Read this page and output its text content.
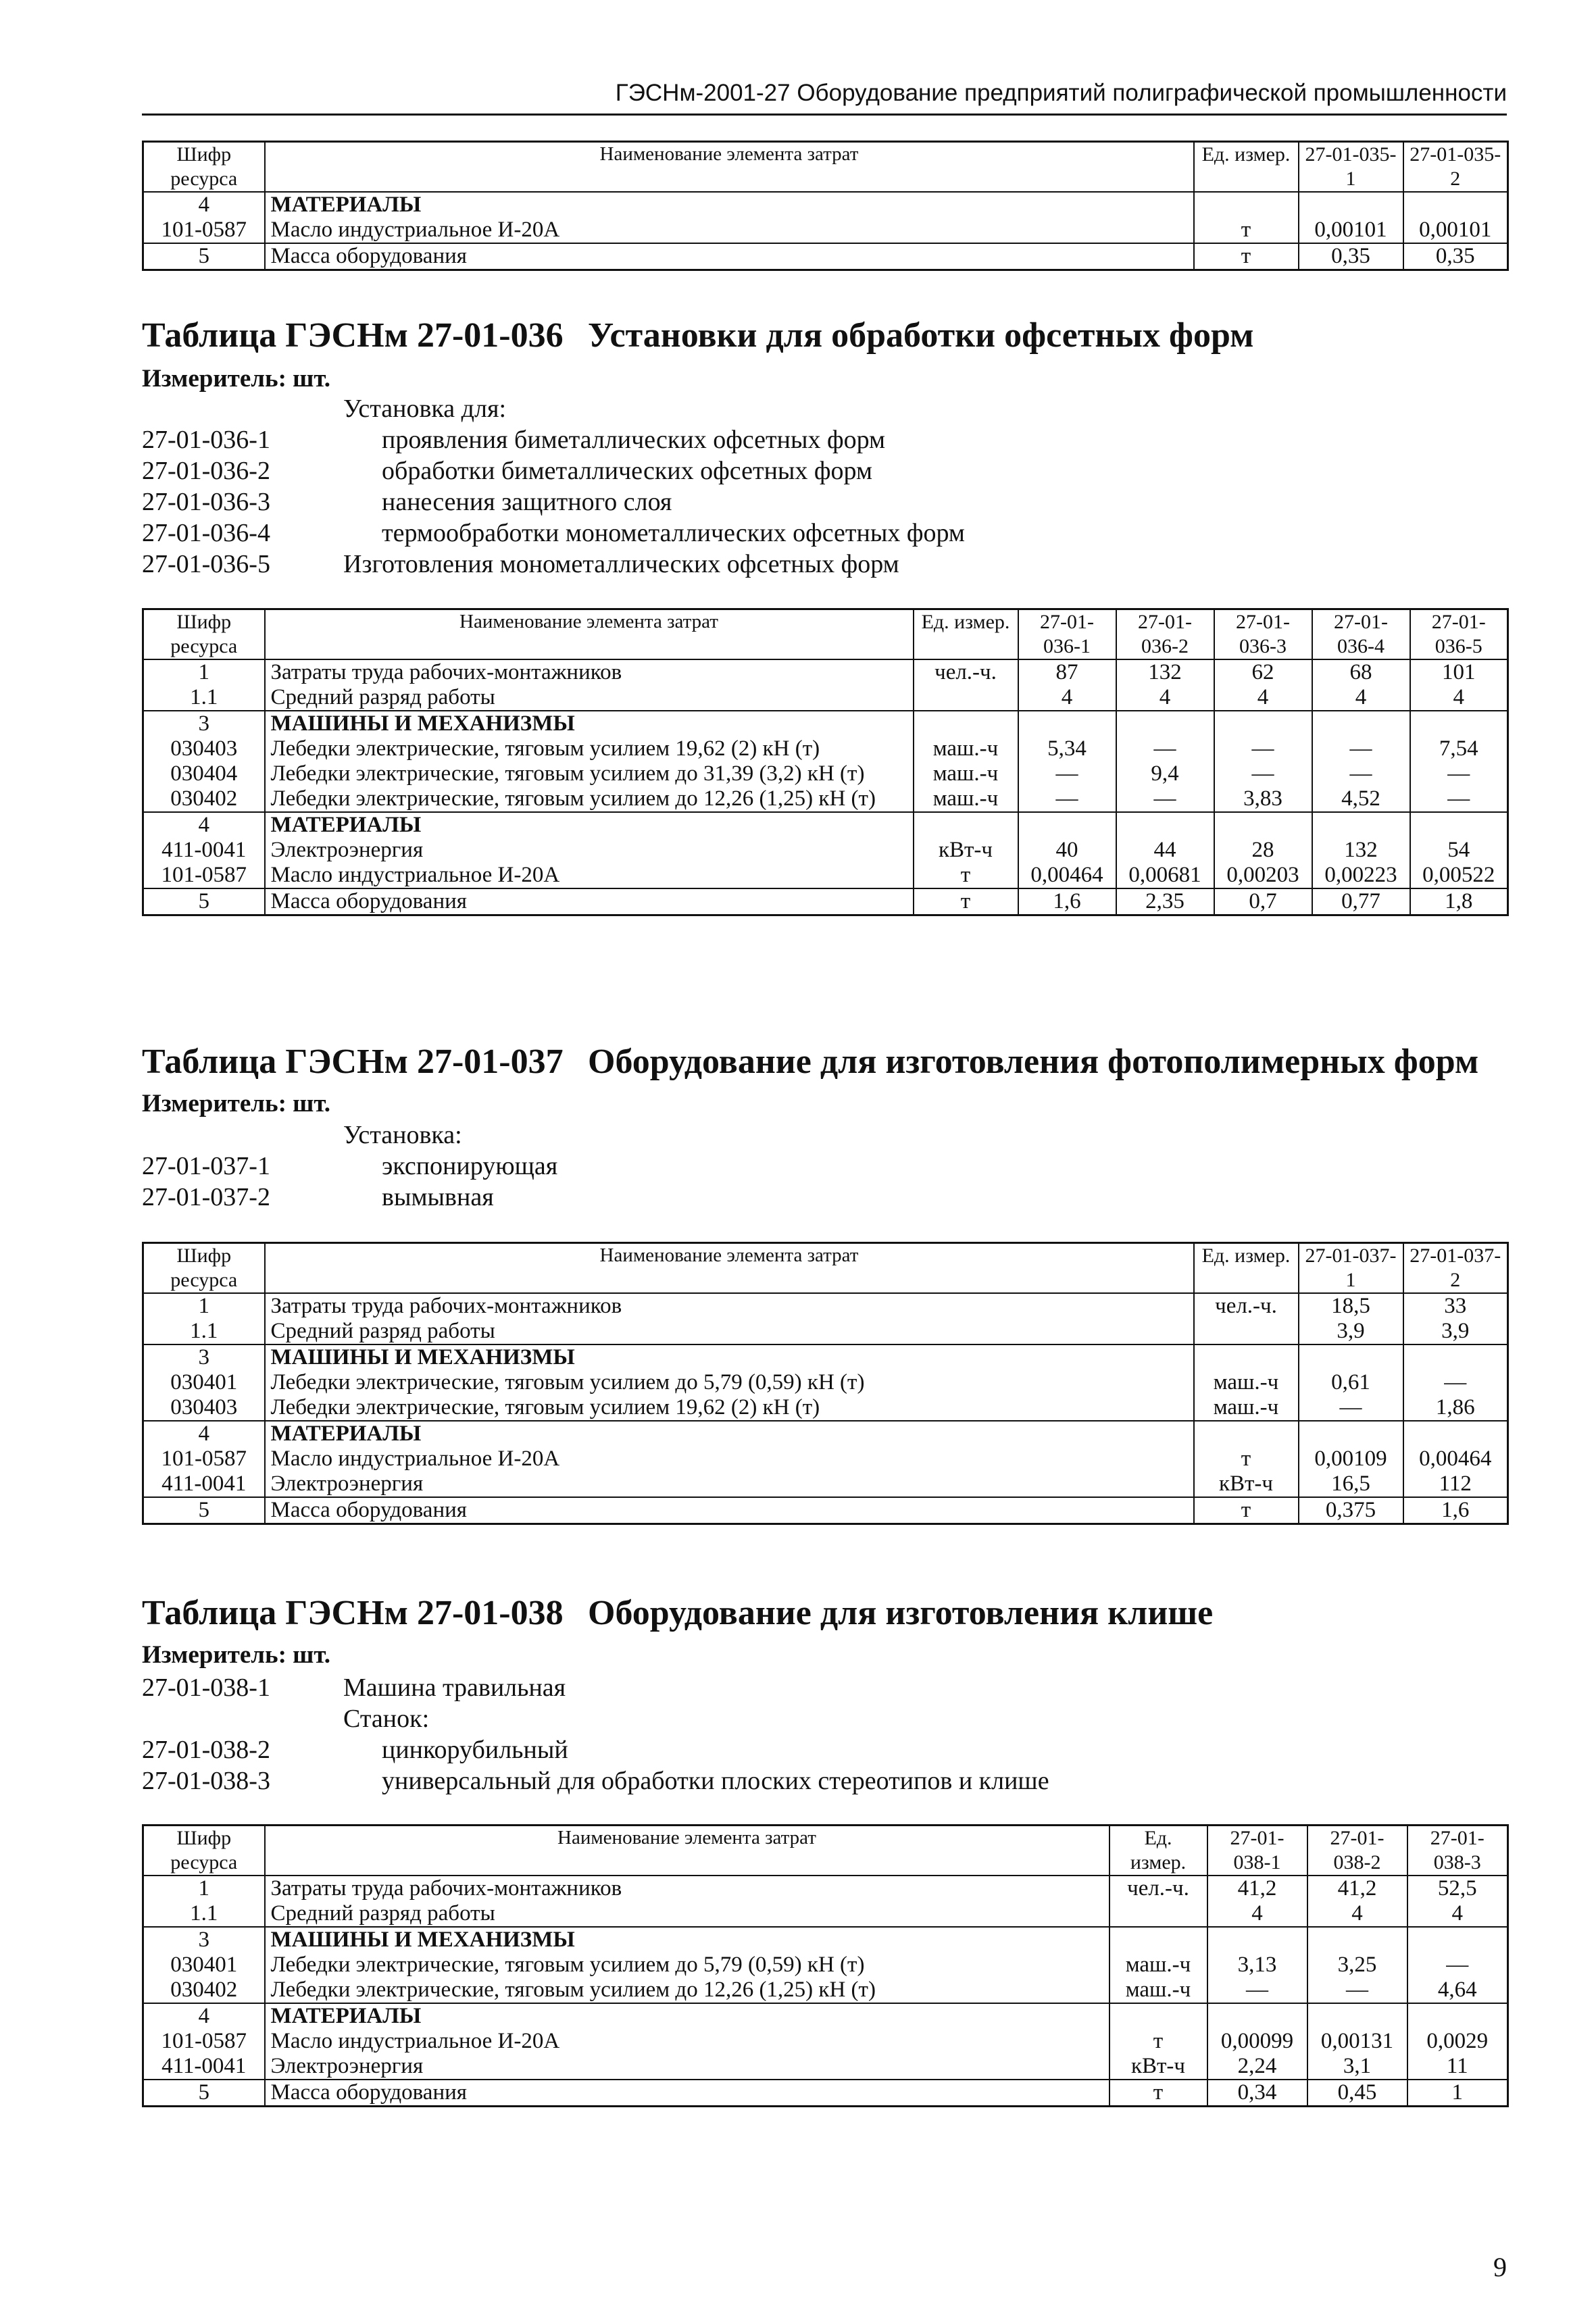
ГЭСНм-2001-27 Оборудование предприятий полиграфической промышленности
Шифр ресурса	Наименование элемента затрат	Ед. измер.	27-01-035-1	27-01-035-2
4	МАТЕРИАЛЫ			
101-0587	Масло индустриальное И-20А	т	0,00101	0,00101
5	Масса оборудования	т	0,35	0,35
Таблица ГЭСНм 27-01-036 Установки для обработки офсетных форм
Измеритель: шт.
Установка для:
27-01-036-1	проявления биметаллических офсетных форм
27-01-036-2	обработки биметаллических офсетных форм
27-01-036-3	нанесения защитного слоя
27-01-036-4	термообработки монометаллических офсетных форм
27-01-036-5	Изготовления монометаллических офсетных форм
Шифр ресурса	Наименование элемента затрат	Ед. измер.	27-01-036-1	27-01-036-2	27-01-036-3	27-01-036-4	27-01-036-5
1	Затраты труда рабочих-монтажников	чел.-ч.	87	132	62	68	101
1.1	Средний разряд работы		4	4	4	4	4
3	МАШИНЫ И МЕХАНИЗМЫ						
030403	Лебедки электрические, тяговым усилием 19,62 (2) кН (т)	маш.-ч	5,34	—	—	—	7,54
030404	Лебедки электрические, тяговым усилием до 31,39 (3,2) кН (т)	маш.-ч	—	9,4	—	—	—
030402	Лебедки электрические, тяговым усилием до 12,26 (1,25) кН (т)	маш.-ч	—	—	3,83	4,52	—
4	МАТЕРИАЛЫ						
411-0041	Электроэнергия	кВт-ч	40	44	28	132	54
101-0587	Масло индустриальное И-20А	т	0,00464	0,00681	0,00203	0,00223	0,00522
5	Масса оборудования	т	1,6	2,35	0,7	0,77	1,8
Таблица ГЭСНм 27-01-037 Оборудование для изготовления фотополимерных форм
Измеритель: шт.
Установка:
27-01-037-1	экспонирующая
27-01-037-2	вымывная
Шифр ресурса	Наименование элемента затрат	Ед. измер.	27-01-037-1	27-01-037-2
1	Затраты труда рабочих-монтажников	чел.-ч.	18,5	33
1.1	Средний разряд работы		3,9	3,9
3	МАШИНЫ И МЕХАНИЗМЫ			
030401	Лебедки электрические, тяговым усилием до 5,79 (0,59) кН (т)	маш.-ч	0,61	—
030403	Лебедки электрические, тяговым усилием 19,62 (2) кН (т)	маш.-ч	—	1,86
4	МАТЕРИАЛЫ			
101-0587	Масло индустриальное И-20А	т	0,00109	0,00464
411-0041	Электроэнергия	кВт-ч	16,5	112
5	Масса оборудования	т	0,375	1,6
Таблица ГЭСНм 27-01-038 Оборудование для изготовления клише
Измеритель: шт.
27-01-038-1	Машина травильная
Станок:
27-01-038-2	цинкорубильный
27-01-038-3	универсальный для обработки плоских стереотипов и клише
Шифр ресурса	Наименование элемента затрат	Ед. измер.	27-01-038-1	27-01-038-2	27-01-038-3
1	Затраты труда рабочих-монтажников	чел.-ч.	41,2	41,2	52,5
1.1	Средний разряд работы		4	4	4
3	МАШИНЫ И МЕХАНИЗМЫ				
030401	Лебедки электрические, тяговым усилием до 5,79 (0,59) кН (т)	маш.-ч	3,13	3,25	—
030402	Лебедки электрические, тяговым усилием до 12,26 (1,25) кН (т)	маш.-ч	—	—	4,64
4	МАТЕРИАЛЫ				
101-0587	Масло индустриальное И-20А	т	0,00099	0,00131	0,0029
411-0041	Электроэнергия	кВт-ч	2,24	3,1	11
5	Масса оборудования	т	0,34	0,45	1
9
